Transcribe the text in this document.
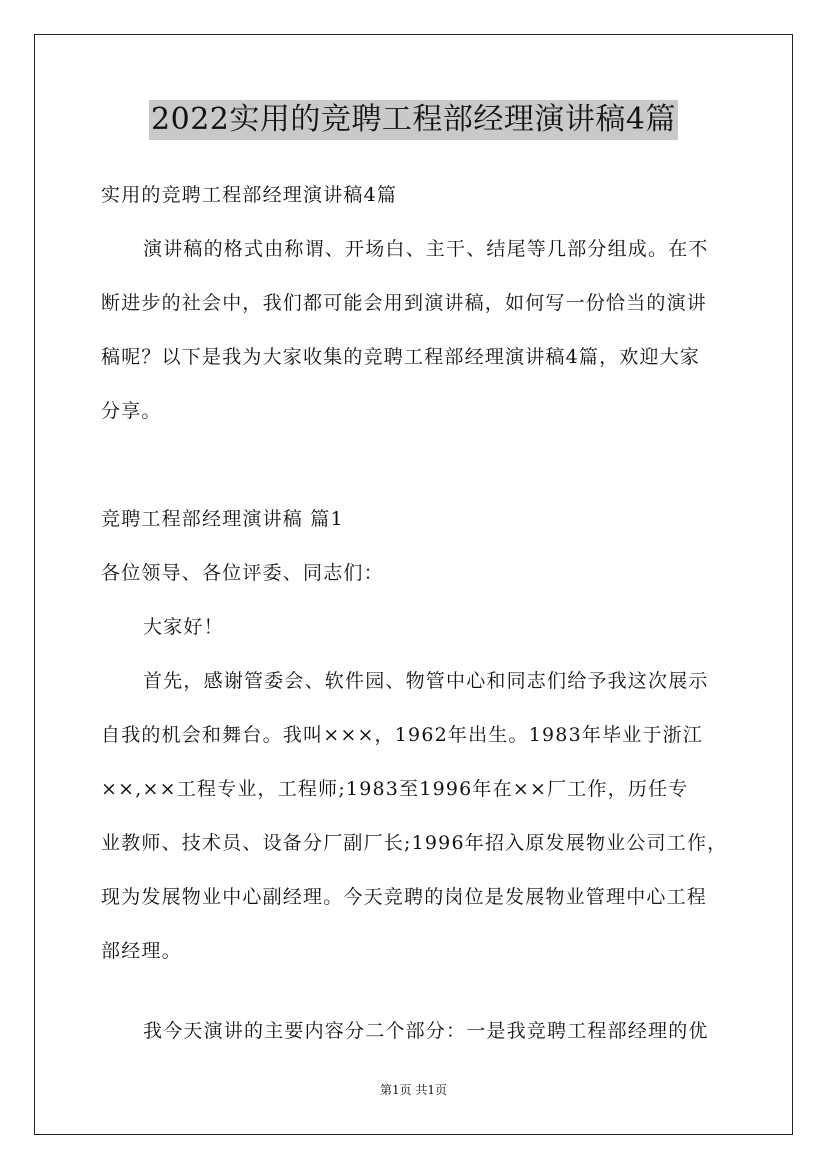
2022实用的竞聘工程部经理演讲稿4篇
实用的竞聘工程部经理演讲稿4篇
演讲稿的格式由称谓、开场白、主干、结尾等几部分组成。在不
断进步的社会中，我们都可能会用到演讲稿，如何写一份恰当的演讲
稿呢？以下是我为大家收集的竞聘工程部经理演讲稿4篇，欢迎大家
分享。
竞聘工程部经理演讲稿 篇1
各位领导、各位评委、同志们：
大家好！
首先，感谢管委会、软件园、物管中心和同志们给予我这次展示
自我的机会和舞台。我叫×××，1962年出生。1983年毕业于浙江
××,××工程专业，工程师;1983至1996年在××厂工作，历任专
业教师、技术员、设备分厂副厂长;1996年招入原发展物业公司工作，
现为发展物业中心副经理。今天竞聘的岗位是发展物业管理中心工程
部经理。
我今天演讲的主要内容分二个部分：一是我竞聘工程部经理的优
第1页 共1页
